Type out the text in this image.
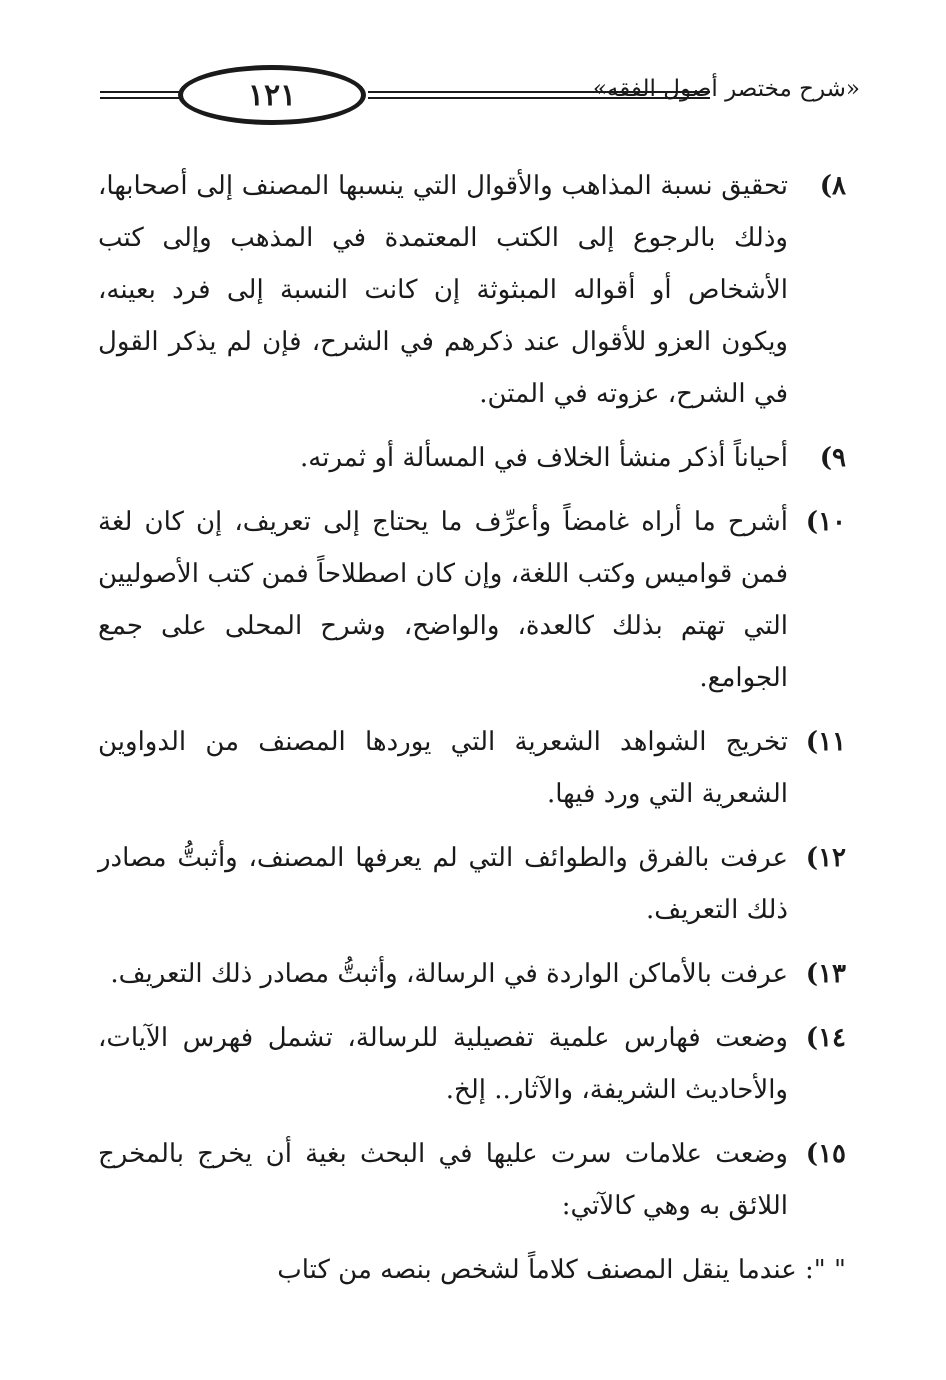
١٢١	«شرح مختصر أصول الفقه»
٨)
تحقيق نسبة المذاهب والأقوال التي ينسبها المصنف إلى أصحابها، وذلك بالرجوع إلى الكتب المعتمدة في المذهب وإلى كتب الأشخاص أو أقواله المبثوثة إن كانت النسبة إلى فرد بعينه، ويكون العزو للأقوال عند ذكرهم في الشرح، فإن لم يذكر القول في الشرح، عزوته في المتن.
٩)
أحياناً أذكر منشأ الخلاف في المسألة أو ثمرته.
١٠)
أشرح ما أراه غامضاً وأعرِّف ما يحتاج إلى تعريف، إن كان لغة فمن قواميس وكتب اللغة، وإن كان اصطلاحاً فمن كتب الأصوليين التي تهتم بذلك كالعدة، والواضح، وشرح المحلى على جمع الجوامع.
١١)
تخريج الشواهد الشعرية التي يوردها المصنف من الدواوين الشعرية التي ورد فيها.
١٢)
عرفت بالفرق والطوائف التي لم يعرفها المصنف، وأثبتُّ مصادر ذلك التعريف.
١٣)
عرفت بالأماكن الواردة في الرسالة، وأثبتُّ مصادر ذلك التعريف.
١٤)
وضعت فهارس علمية تفصيلية للرسالة، تشمل فهرس الآيات، والأحاديث الشريفة، والآثار.. إلخ.
١٥)
وضعت علامات سرت عليها في البحث بغية أن يخرج بالمخرج اللائق به وهي كالآتي:
" ": عندما ينقل المصنف كلاماً لشخص بنصه من كتاب
